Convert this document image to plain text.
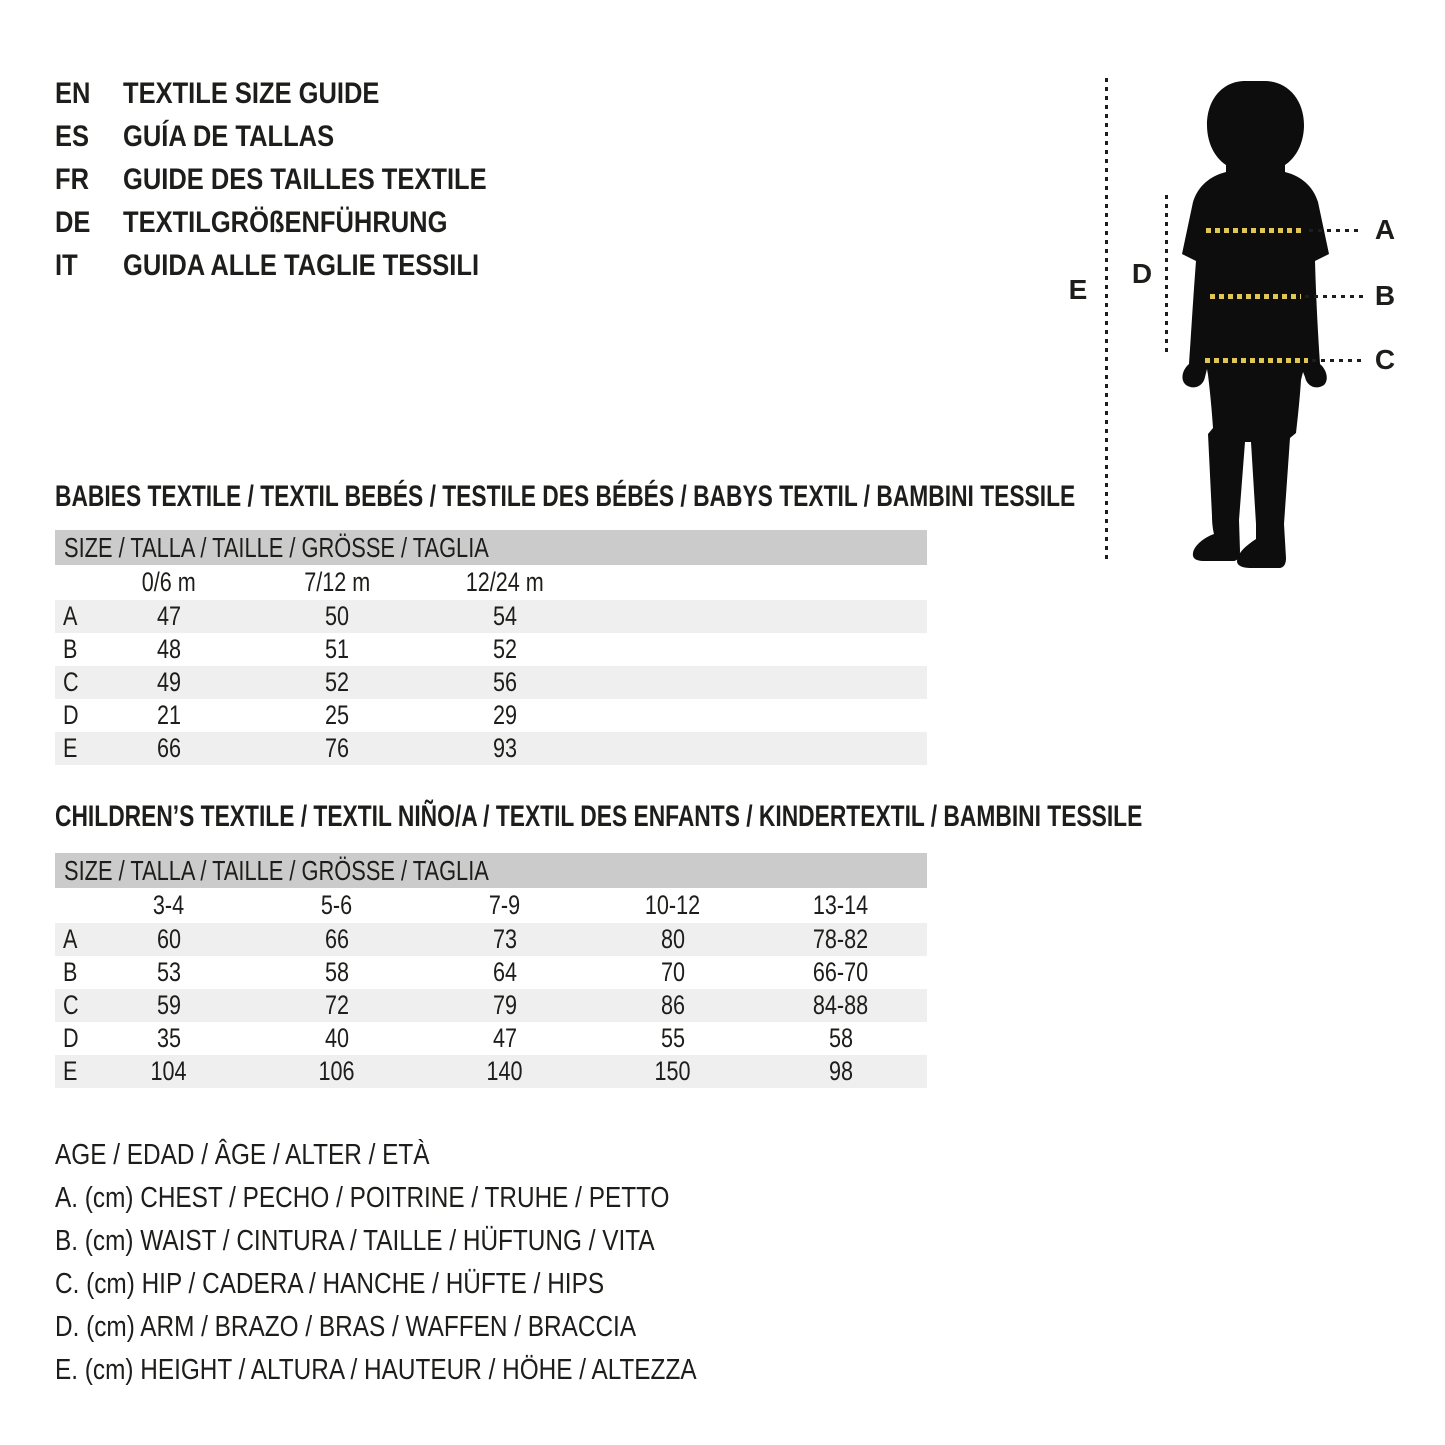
EN	TEXTILE SIZE GUIDE
ES	GUÍA DE TALLAS
FR	GUIDE DES TAILLES TEXTILE
DE	TEXTILGRÖßENFÜHRUNG
IT	GUIDA ALLE TAGLIE TESSILI
E
D
A
B
C
BABIES TEXTILE / TEXTIL BEBÉS / TESTILE DES BÉBÉS / BABYS TEXTIL / BAMBINI TESSILE
SIZE / TALLA / TAILLE / GRÖSSE / TAGLIA
0/6 m	7/12 m	12/24 m
A	47	50	54
B	48	51	52
C	49	52	56
D	21	25	29
E	66	76	93
CHILDREN’S TEXTILE / TEXTIL NIÑO/A / TEXTIL DES ENFANTS / KINDERTEXTIL / BAMBINI TESSILE
SIZE / TALLA / TAILLE / GRÖSSE / TAGLIA
3-4	5-6	7-9	10-12	13-14
A	60	66	73	80	78-82
B	53	58	64	70	66-70
C	59	72	79	86	84-88
D	35	40	47	55	58
E	104	106	140	150	98
AGE / EDAD / ÂGE / ALTER / ETÀ
A. (cm) CHEST / PECHO / POITRINE / TRUHE / PETTO
B. (cm) WAIST / CINTURA / TAILLE / HÜFTUNG / VITA
C. (cm) HIP / CADERA / HANCHE / HÜFTE / HIPS
D. (cm) ARM / BRAZO / BRAS / WAFFEN / BRACCIA
E. (cm) HEIGHT / ALTURA / HAUTEUR / HÖHE / ALTEZZA
